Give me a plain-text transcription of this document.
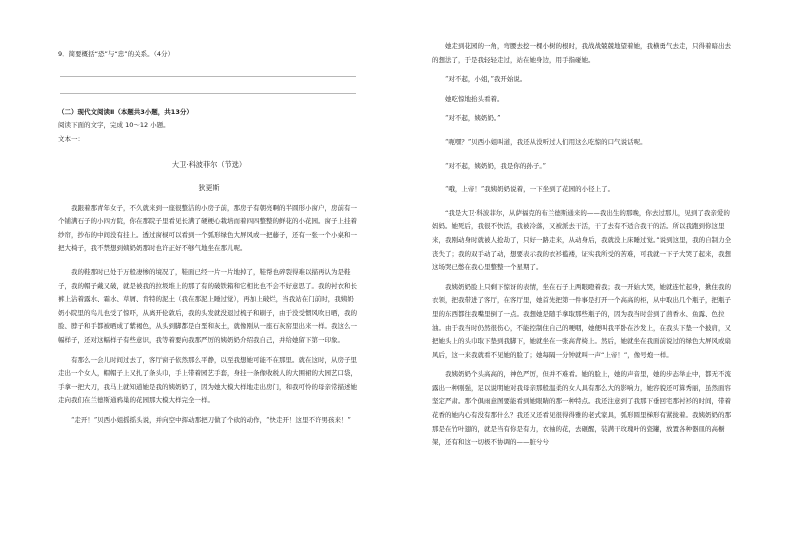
9．简要概括“恐”与“忠”的关系。（4分）

（二）现代文阅读Ⅱ（本题共3小题，共13分）

阅读下面的文字，完成 10～12 小题。

文本一：

大卫·科波菲尔（节选）

狄更斯

我跟着那青年女子，不久就来到一座很整洁的小房子前，那房子有朝亮啊的半圆形小窗户，房前有一个铺满石子的小四方院，你在那院子里看见长满了硬梗心栽培而着四四整整的鲜花的小花园。窗子上挂着纱帘，抄布的中间没有挂上。透过窗棂可以看到一个弧形绿色大屏风或一把藤子，还有一张一个小桌和一把大椅子，我不禁想到姨奶奶那时也许正好不够气地坐在那儿呢。

我的鞋那时已处于万般凄惨的境况了，鞋面已经一片一片地掉了，鞋帮也碎裂得难以描再认为是鞋子，我的帽子戴又破，就是被我的拉圾堆上的那了有的破铁箱和它相比也不会不好意思了。我的衬衣和长裤上沾着露水、霜水、草屑、肯特的泥土（我在那泥上睡过觉），再加上破烂，当我站在门前时，我姨奶奶小院里的鸟儿也受了惊吓，从离开伦敦后，我的头发就没退过梳子和刷子，由于没受惯风吹日晒，我的脸、脖子和手都被晒成了紫褐色，从头到脚都是白垩和灰土，就像刚从一座石灰窑里出来一样。我这么一幅样子，还对这幅样子有些意识，我等着要向我那严厉的姨奶奶介绍我自己，并给她留下第一印象。

有那么一会儿时间过去了，客厅窗子依然那么平静，以至我想她可能不在那里。就在这时，从房子里走出一个女人，帽帽子上又扎了条头巾，手上带着园艺手套，身挂一条像收税人的大围裙的大园艺口袋，手拿一把大刀，我马上就知道她是我的姨奶奶了，因为她大模大样地走出房门，和我可怜的母亲常描述她走向我们在兰德斯通鸦巢的花园那大模大样完全一样。

“走开！”贝西小姐摇摇头说，并向空中挥动那把刀做了个砍的动作，“快走开！这里不许男孩来！”

她走到花园的一角，弯腰去挖一棵小树的根时，我战战兢兢地望着她，我横勇气去走，只得着暗出去的想法了，于是我轻轻走过，站在她身边，用手指碰她。

“对不起，小姐，”我开始说。

她吃惊地抬头看着。

“对不起，姨奶奶。”

“呃嘿？”贝西小姐叫道，我还从没听过人们用这么吃惊的口气说话呢。

“对不起，姨奶奶，我是你的孙子。”

“哦，上帝！”我姨奶奶说着，一下坐到了花园的小径上了。

“我是大卫·科波菲尔，从萨福克的布兰德斯通来的——我出生的那晚，你去过那儿，见到了我亲爱的妈妈。她死后，我很不快活，我被冷落，又被派去干活，干了去有不适合我干的活。所以我跑到你这里来，我刚动身时就被人抢劫了，只好一路走来，从动身后，我就没上床睡过觉。”说到这里，我的自制力全丧失了；我的双手动了动，想要表示我的衣衫褴褛，证实我所受的苦难，可我就一下子大哭了起来，我想这场哭已憋在我心里整整一个星期了。

我姨奶奶脸上只剩下惊讶的表情，坐在石子上两眼瞪着我；我一开始大哭，她就连忙起身，揪住我的衣领，把我带进了客厅，在客厅里，她首先把第一件事是打开一个高高的柜，从中取出几个瓶子，把瓶子里的东西都往我嘴里倒了一点。我想她是随手拿取那些瓶子的，因为我当时尝到了茴香水、鱼露、色拉油。由于我当时仍然很伤心，不能控制住自己的哽咽，她便叫我平卧在沙发上，在我头下垫一个披肩，又把她头上的头巾取下垫到我脚下，她就坐在一张高背椅上。然后，她就坐在我面前说过的绿色大屏风或扇风后，这一来我就看不见她的脸了；她每隔一分钟就叫一声“上帝！”，像号炮一样。

我姨奶奶个头高高的，神色严厉，但并不难看。她的脸上，她的声音里，她的步态举止中，都无不流露出一种刚强，足以说明她对我母亲那般温柔的女人具有那么大的影响力，她容貌还可算秀丽，虽然面容坚定严肃。那个俱雨意图要能看到她眼睛的那一种特点。我还注意到了我那下垂回宅那衬衫的时间，带着花香的她内心有没有那什么？我还又还看见很得得雅的老式家具，弧形圆里梯形有紧拢着。我姨奶奶的那那是在竹叶翅的，就是当有你是有力，衣袖的花，去砸醒，装满干玫瑰叶的瓷罐，放置各种器皿的高橱架，还有和这一切极不协调的——脏兮兮
